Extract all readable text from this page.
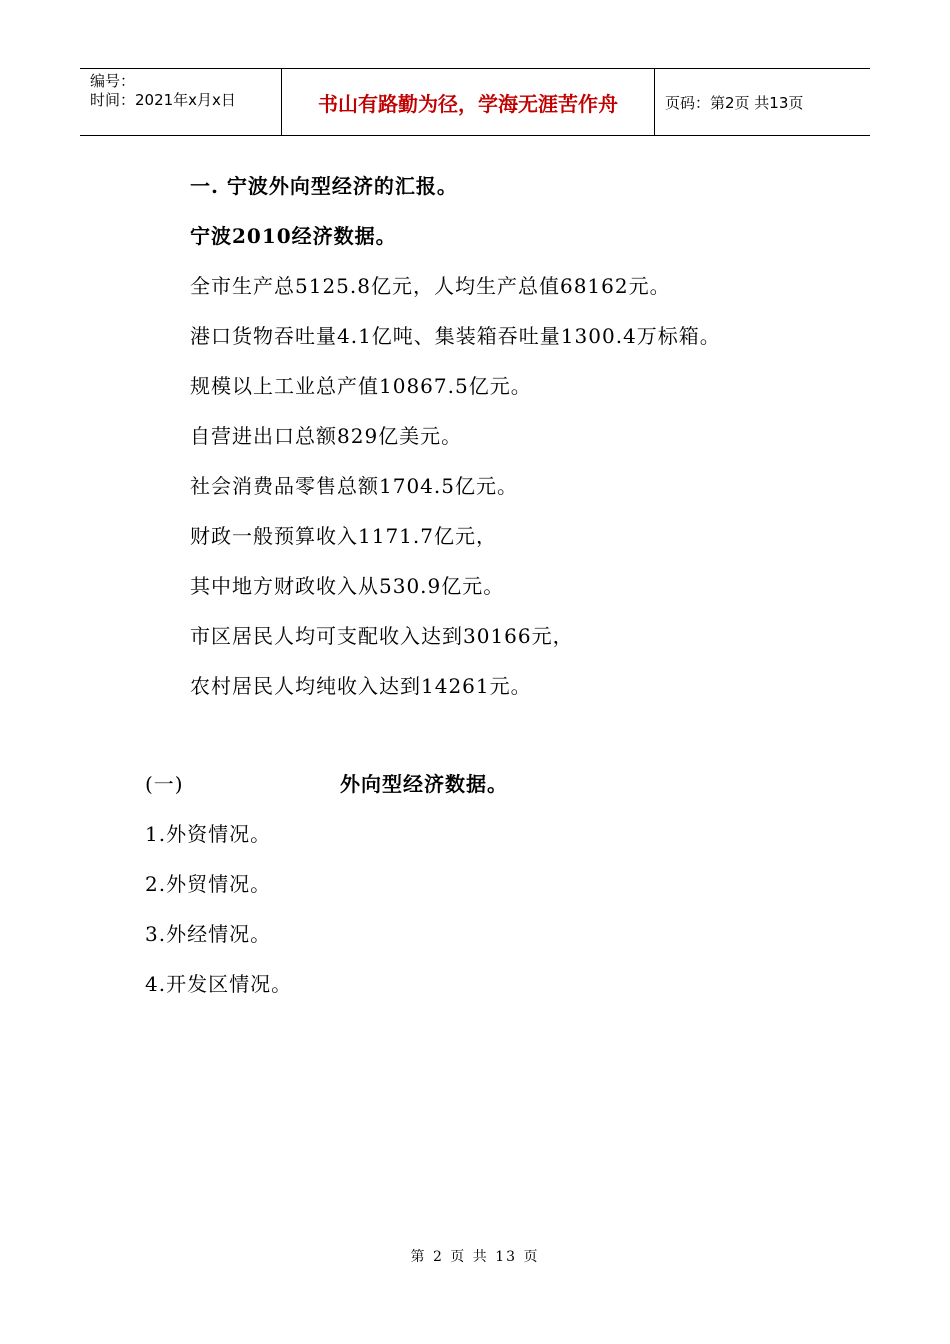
编号：
时间：2021年x月x日	书山有路勤为径，学海无涯苦作舟	页码：第2页 共13页
一. 宁波外向型经济的汇报。
宁波2010经济数据。
全市生产总5125.8亿元，人均生产总值68162元。
港口货物吞吐量4.1亿吨、集装箱吞吐量1300.4万标箱。
规模以上工业总产值10867.5亿元。
自营进出口总额829亿美元。
社会消费品零售总额1704.5亿元。
财政一般预算收入1171.7亿元，
其中地方财政收入从530.9亿元。
市区居民人均可支配收入达到30166元，
农村居民人均纯收入达到14261元。
(一)	外向型经济数据。
1.外资情况。
2.外贸情况。
3.外经情况。
4.开发区情况。
第 2 页 共 13 页
